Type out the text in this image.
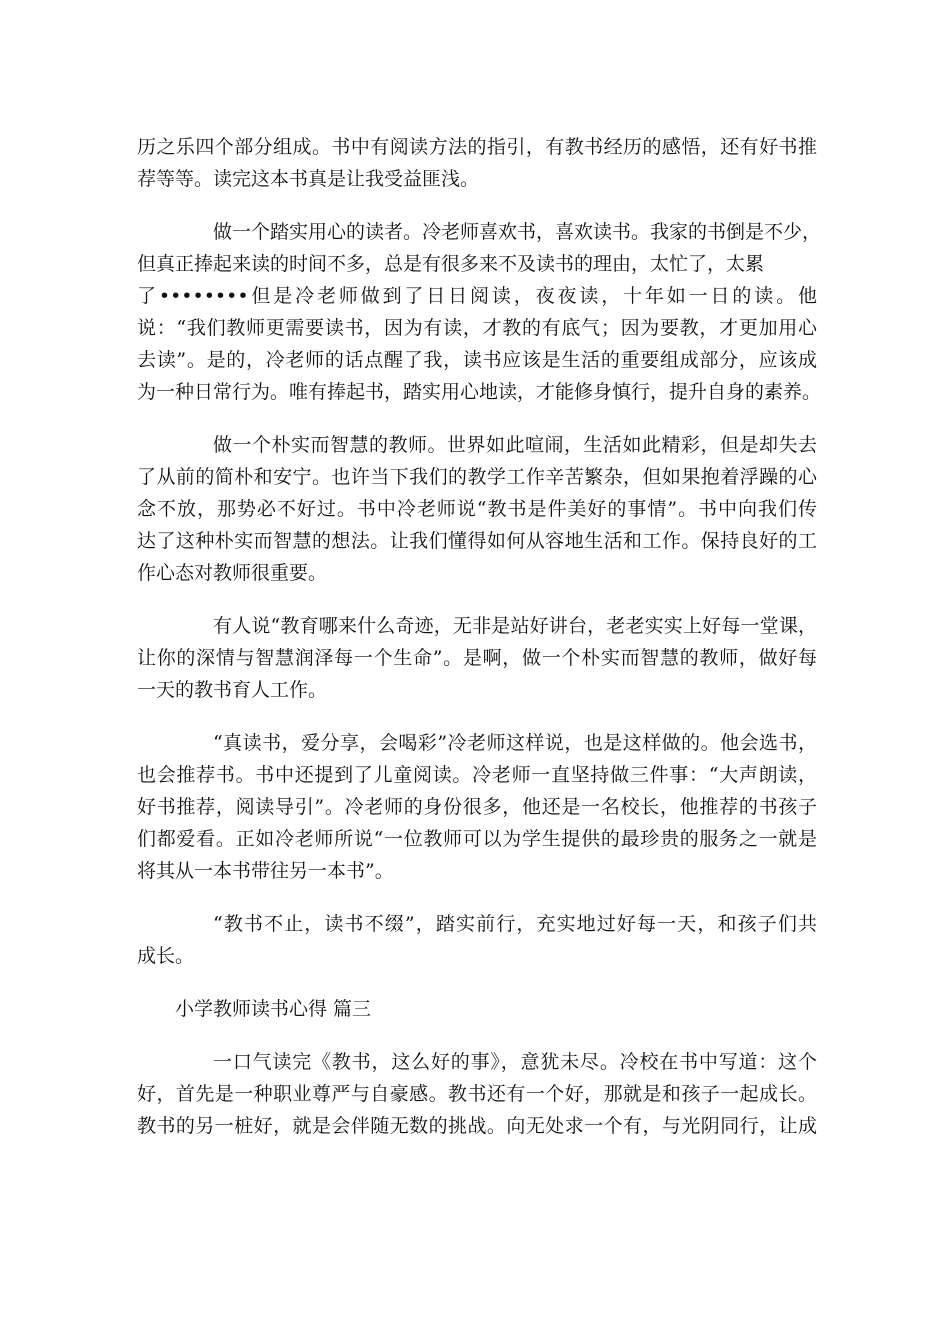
历之乐四个部分组成。书中有阅读方法的指引，有教书经历的感悟，还有好书推
荐等等。读完这本书真是让我受益匪浅。
做一个踏实用心的读者。冷老师喜欢书，喜欢读书。我家的书倒是不少，
但真正捧起来读的时间不多，总是有很多来不及读书的理由，太忙了，太累
了••••••••但是冷老师做到了日日阅读，夜夜读，十年如一日的读。他
说：“我们教师更需要读书，因为有读，才教的有底气；因为要教，才更加用心
去读”。是的，冷老师的话点醒了我，读书应该是生活的重要组成部分，应该成
为一种日常行为。唯有捧起书，踏实用心地读，才能修身慎行，提升自身的素养。
做一个朴实而智慧的教师。世界如此喧闹，生活如此精彩，但是却失去
了从前的简朴和安宁。也许当下我们的教学工作辛苦繁杂，但如果抱着浮躁的心
念不放，那势必不好过。书中冷老师说“教书是件美好的事情”。书中向我们传
达了这种朴实而智慧的想法。让我们懂得如何从容地生活和工作。保持良好的工
作心态对教师很重要。
有人说“教育哪来什么奇迹，无非是站好讲台，老老实实上好每一堂课，
让你的深情与智慧润泽每一个生命”。是啊，做一个朴实而智慧的教师，做好每
一天的教书育人工作。
“真读书，爱分享，会喝彩”冷老师这样说，也是这样做的。他会选书，
也会推荐书。书中还提到了儿童阅读。冷老师一直坚持做三件事：“大声朗读，
好书推荐，阅读导引”。冷老师的身份很多，他还是一名校长，他推荐的书孩子
们都爱看。正如冷老师所说“一位教师可以为学生提供的最珍贵的服务之一就是
将其从一本书带往另一本书”。
“教书不止，读书不缀”，踏实前行，充实地过好每一天，和孩子们共
成长。
小学教师读书心得 篇三
一口气读完《教书，这么好的事》，意犹未尽。冷校在书中写道：这个
好，首先是一种职业尊严与自豪感。教书还有一个好，那就是和孩子一起成长。
教书的另一桩好，就是会伴随无数的挑战。向无处求一个有，与光阴同行，让成
